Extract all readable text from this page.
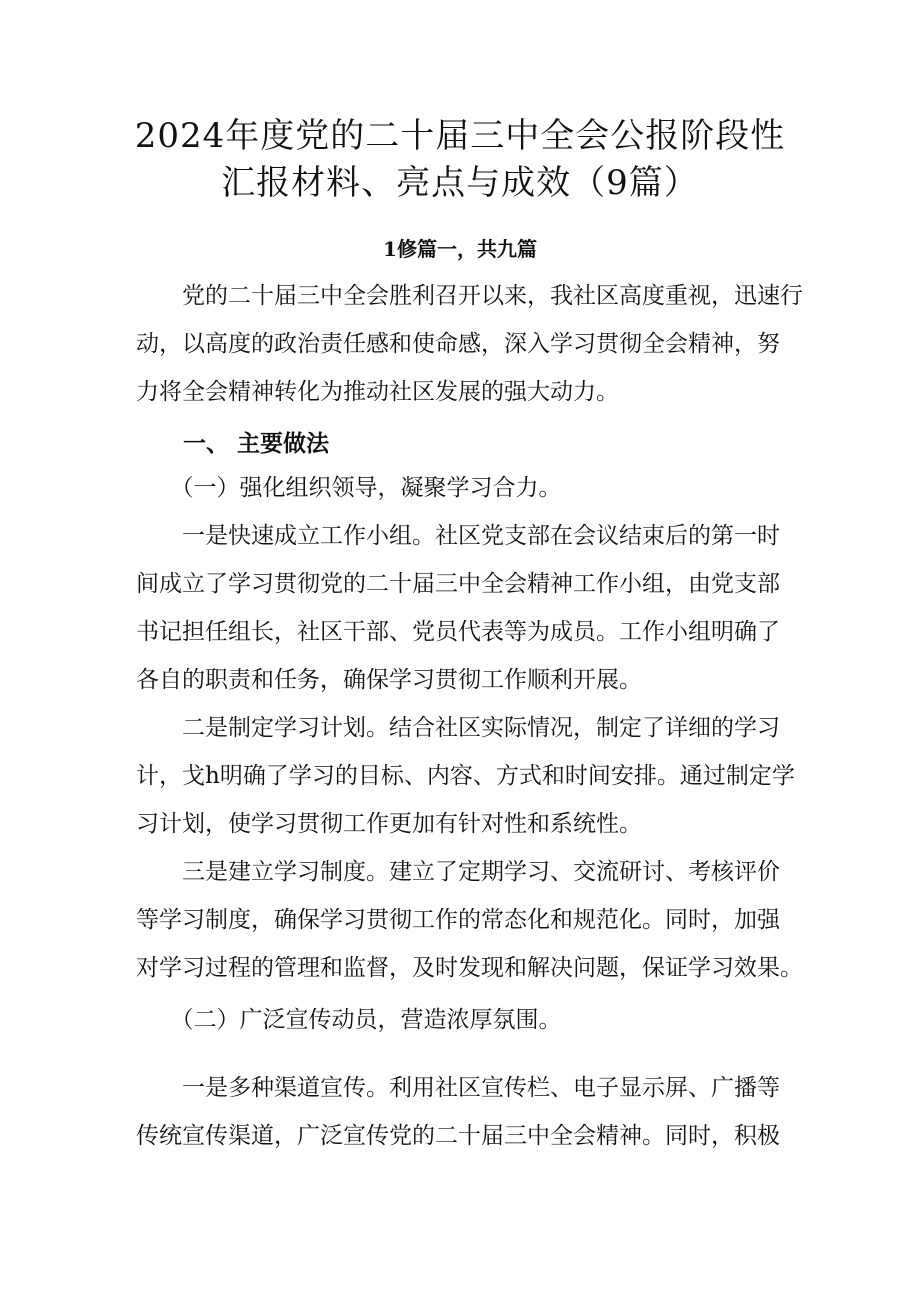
2024年度党的二十届三中全会公报阶段性
汇报材料、亮点与成效（9篇）
1修篇一，共九篇
　　党的二十届三中全会胜利召开以来，我社区高度重视，迅速行
动，以高度的政治责任感和使命感，深入学习贯彻全会精神，努
力将全会精神转化为推动社区发展的强大动力。
一、 主要做法
　　（一）强化组织领导，凝聚学习合力。
　　一是快速成立工作小组。社区党支部在会议结束后的第一时
间成立了学习贯彻党的二十届三中全会精神工作小组，由党支部
书记担任组长，社区干部、党员代表等为成员。工作小组明确了
各自的职责和任务，确保学习贯彻工作顺利开展。
　　二是制定学习计划。结合社区实际情况，制定了详细的学习
计，戈h明确了学习的目标、内容、方式和时间安排。通过制定学
习计划，使学习贯彻工作更加有针对性和系统性。
　　三是建立学习制度。建立了定期学习、交流研讨、考核评价
等学习制度，确保学习贯彻工作的常态化和规范化。同时，加强
对学习过程的管理和监督，及时发现和解决问题，保证学习效果。
　　（二）广泛宣传动员，营造浓厚氛围。
　　一是多种渠道宣传。利用社区宣传栏、电子显示屏、广播等
传统宣传渠道，广泛宣传党的二十届三中全会精神。同时，积极
